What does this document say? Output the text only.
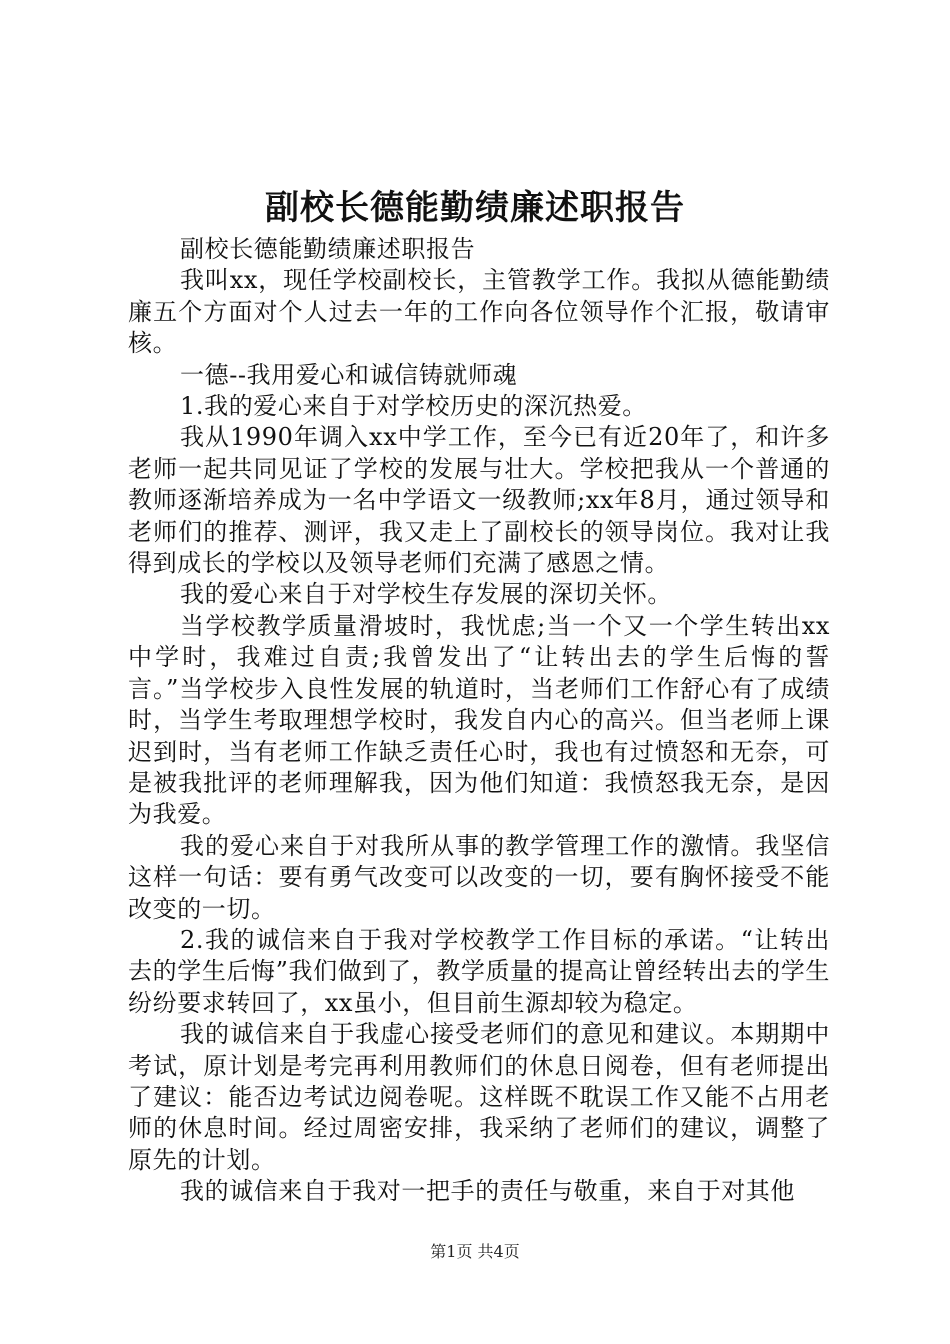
副校长德能勤绩廉述职报告

副校长德能勤绩廉述职报告

我叫xx，现任学校副校长，主管教学工作。我拟从德能勤绩廉五个方面对个人过去一年的工作向各位领导作个汇报，敬请审核。

一德--我用爱心和诚信铸就师魂

1.我的爱心来自于对学校历史的深沉热爱。

我从1990年调入xx中学工作，至今已有近20年了，和许多老师一起共同见证了学校的发展与壮大。学校把我从一个普通的教师逐渐培养成为一名中学语文一级教师;xx年8月，通过领导和老师们的推荐、测评，我又走上了副校长的领导岗位。我对让我得到成长的学校以及领导老师们充满了感恩之情。

我的爱心来自于对学校生存发展的深切关怀。

当学校教学质量滑坡时，我忧虑;当一个又一个学生转出xx中学时，我难过自责;我曾发出了“让转出去的学生后悔的誓言。”当学校步入良性发展的轨道时，当老师们工作舒心有了成绩时，当学生考取理想学校时，我发自内心的高兴。但当老师上课迟到时，当有老师工作缺乏责任心时，我也有过愤怒和无奈，可是被我批评的老师理解我，因为他们知道：我愤怒我无奈，是因为我爱。

我的爱心来自于对我所从事的教学管理工作的激情。我坚信这样一句话：要有勇气改变可以改变的一切，要有胸怀接受不能改变的一切。

2.我的诚信来自于我对学校教学工作目标的承诺。“让转出去的学生后悔”我们做到了，教学质量的提高让曾经转出去的学生纷纷要求转回了，xx虽小，但目前生源却较为稳定。

我的诚信来自于我虚心接受老师们的意见和建议。本期期中考试，原计划是考完再利用教师们的休息日阅卷，但有老师提出了建议：能否边考试边阅卷呢。这样既不耽误工作又能不占用老师的休息时间。经过周密安排，我采纳了老师们的建议，调整了原先的计划。

我的诚信来自于我对一把手的责任与敬重，来自于对其他

第1页 共4页
